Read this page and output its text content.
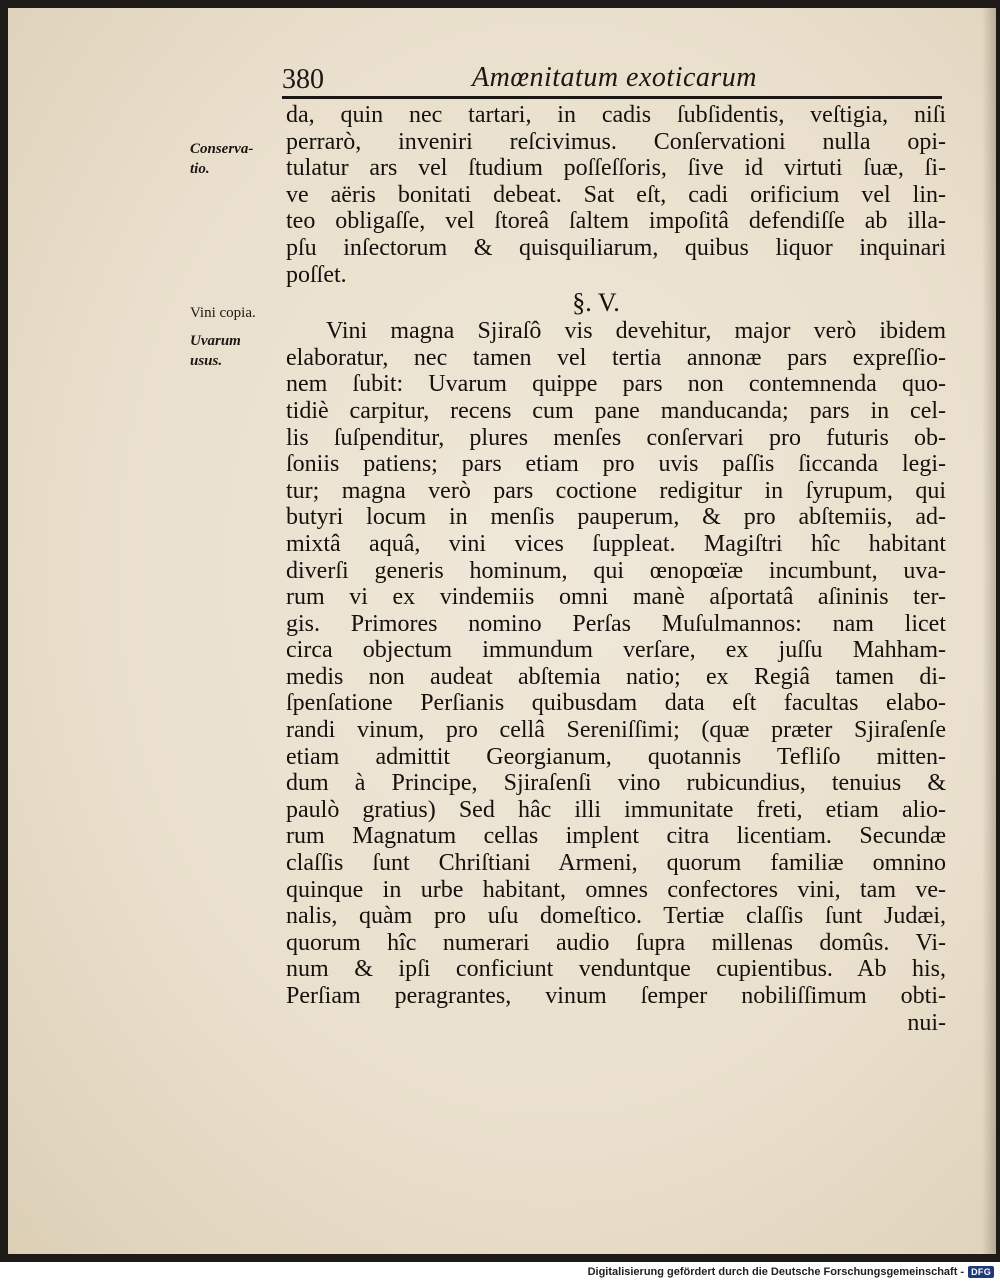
380	Amœnitatum exoticarum
Conserva-
tio.
Vini copia.
Uvarum
usus.
da, quin nec tartari, in cadis ſubſidentis, veſtigia, niſi
perrarò, inveniri reſcivimus. Conſervationi nulla opi-
tulatur ars vel ſtudium poſſeſſoris, ſive id virtuti ſuæ, ſi-
ve aëris bonitati debeat. Sat eſt, cadi orificium vel lin-
teo obligaſſe, vel ſtoreâ ſaltem impoſitâ defendiſſe ab illa-
pſu inſectorum & quisquiliarum, quibus liquor inquinari
poſſet.
§. V.
Vini magna Sjiraſô vis devehitur, major verò ibidem
elaboratur, nec tamen vel tertia annonæ pars expreſſio-
nem ſubit: Uvarum quippe pars non contemnenda quo-
tidiè carpitur, recens cum pane manducanda; pars in cel-
lis ſuſpenditur, plures menſes conſervari pro futuris ob-
ſoniis patiens; pars etiam pro uvis paſſis ſiccanda legi-
tur; magna verò pars coctione redigitur in ſyrupum, qui
butyri locum in menſis pauperum, & pro abſtemiis, ad-
mixtâ aquâ, vini vices ſuppleat. Magiſtri hîc habitant
diverſi generis hominum, qui œnopœïæ incumbunt, uva-
rum vi ex vindemiis omni manè aſportatâ aſininis ter-
gis. Primores nomino Perſas Muſulmannos: nam licet
circa objectum immundum verſare, ex juſſu Mahham-
medis non audeat abſtemia natio; ex Regiâ tamen di-
ſpenſatione Perſianis quibusdam data eſt facultas elabo-
randi vinum, pro cellâ Sereniſſimi; (quæ præter Sjiraſenſe
etiam admittit Georgianum, quotannis Tefliſo mitten-
dum à Principe, Sjiraſenſi vino rubicundius, tenuius &
paulò gratius) Sed hâc illi immunitate freti, etiam alio-
rum Magnatum cellas implent citra licentiam. Secundæ
claſſis ſunt Chriſtiani Armeni, quorum familiæ omnino
quinque in urbe habitant, omnes confectores vini, tam ve-
nalis, quàm pro uſu domeſtico. Tertiæ claſſis ſunt Judæi,
quorum hîc numerari audio ſupra millenas domûs. Vi-
num & ipſi conficiunt venduntque cupientibus. Ab his,
Perſiam peragrantes, vinum ſemper nobiliſſimum obti-
nui-
Digitalisierung gefördert durch die Deutsche Forschungsgemeinschaft - DFG
